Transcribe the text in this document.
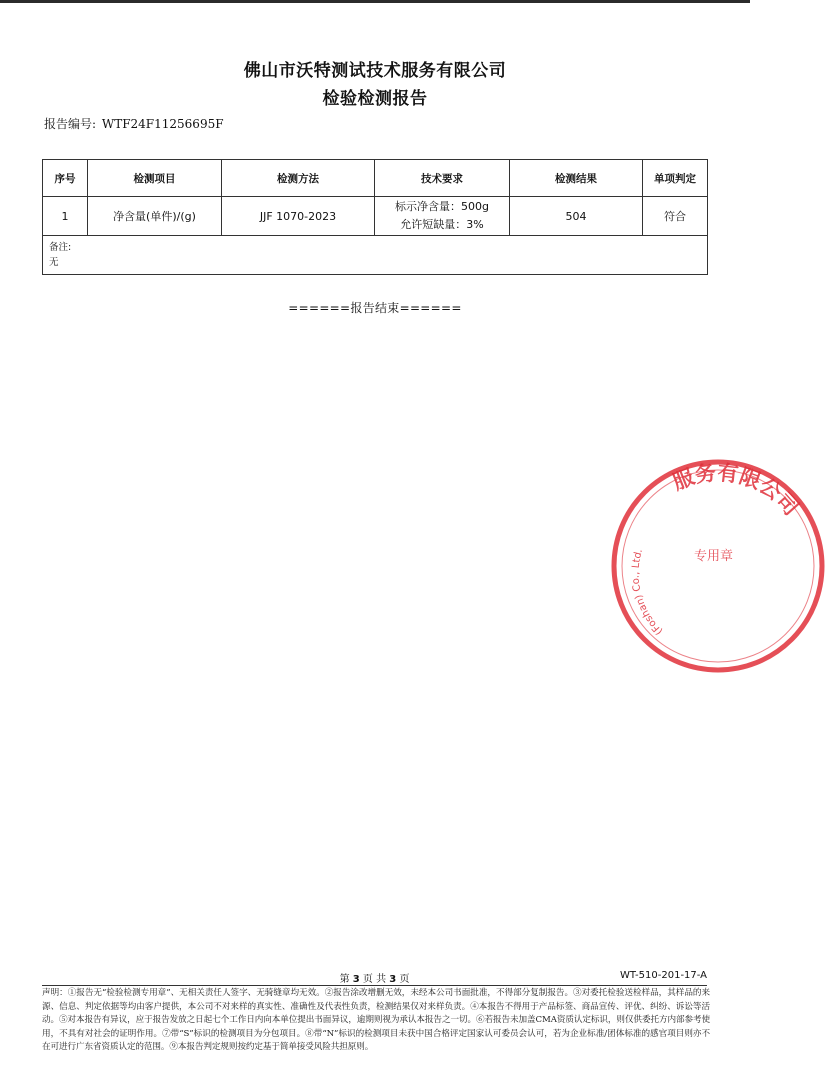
佛山市沃特测试技术服务有限公司
检验检测报告
报告编号: WTF24F11256695F
序号	检测项目	检测方法	技术要求	检测结果	单项判定
1	净含量(单件)/(g)	JJF 1070-2023	标示净含量：500g
允许短缺量：3%	504	符合

备注:
无					
======报告结束======
服务有限公司
(Foshan) Co., Ltd.	专用章
第 3 页 共 3 页	WT-510-201-17-A
声明：①报告无“检验检测专用章”、无相关责任人签字、无骑缝章均无效。②报告涂改增删无效，未经本公司书面批准，不得部分复制报告。③对委托检验送检样品，其样品的来源、信息、判定依据等均由客户提供，本公司不对来样的真实性、准确性及代表性负责，检测结果仅对来样负责。④本报告不得用于产品标签、商品宣传、评优、纠纷、诉讼等活动。⑤对本报告有异议，应于报告发放之日起七个工作日内向本单位提出书面异议，逾期则视为承认本报告之一切。⑥若报告未加盖CMA资质认定标识，则仅供委托方内部参考使用，不具有对社会的证明作用。⑦带“S”标识的检测项目为分包项目。⑧带“N”标识的检测项目未获中国合格评定国家认可委员会认可，若为企业标准/团体标准的感官项目则亦不在可进行广东省资质认定的范围。⑨本报告判定规则按约定基于简单接受风险共担原则。
